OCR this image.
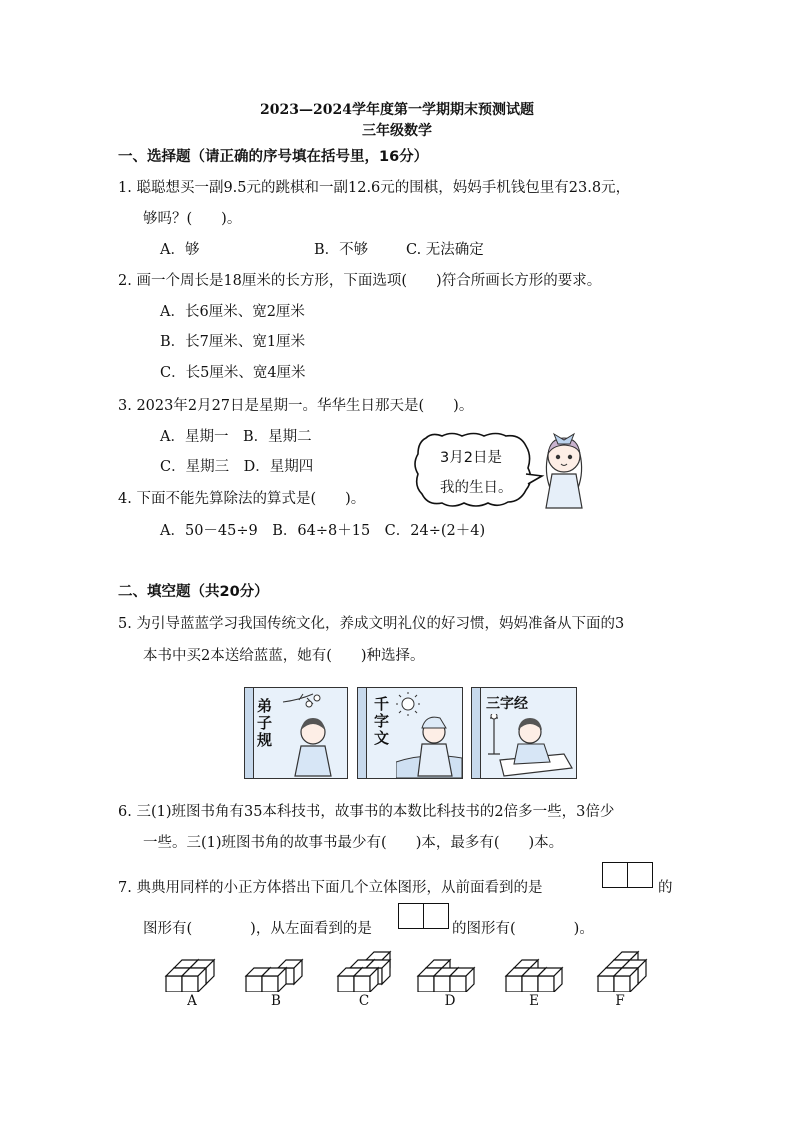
2023—2024学年度第一学期期末预测试题
三年级数学
一、选择题（请正确的序号填在括号里，16分）
1. 聪聪想买一副9.5元的跳棋和一副12.6元的围棋，妈妈手机钱包里有23.8元，
够吗？(　　)。
A．够	B．不够	C. 无法确定
2. 画一个周长是18厘米的长方形，下面选项(　　)符合所画长方形的要求。
A．长6厘米、宽2厘米
B．长7厘米、宽1厘米
C．长5厘米、宽4厘米
3. 2023年2月27日是星期一。华华生日那天是(　　)。
A．星期一　B．星期二
C．星期三　D．星期四
3月2日是
我的生日。
4. 下面不能先算除法的算式是(　　)。
A．50－45÷9　B．64÷8＋15　C．24÷(2＋4)
二、填空题（共20分）
5. 为引导蓝蓝学习我国传统文化，养成文明礼仪的好习惯，妈妈准备从下面的3
本书中买2本送给蓝蓝，她有(　　)种选择。
弟子规
千字文
三字经
6. 三(1)班图书角有35本科技书，故事书的本数比科技书的2倍多一些，3倍少
一些。三(1)班图书角的故事书最少有(　　)本，最多有(　　)本。
7. 典典用同样的小正方体搭出下面几个立体图形，从前面看到的是	的
图形有(　　　　)，从左面看到的是	的图形有(　　　　)。
A	B	C	D	E	F
